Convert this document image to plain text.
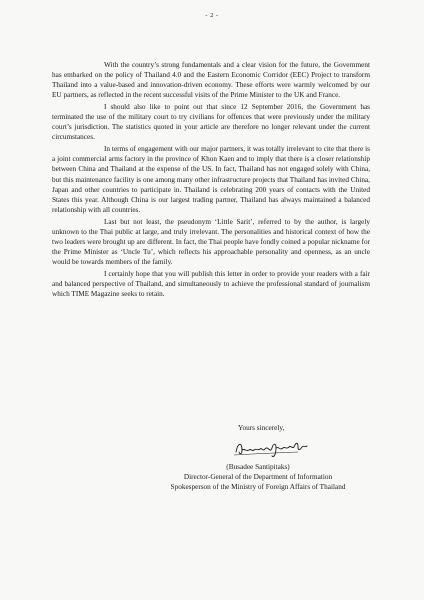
- 2 -

With the country’s strong fundamentals and a clear vision for the future, the Government has embarked on the policy of Thailand 4.0 and the Eastern Economic Corridor (EEC) Project to transform Thailand into a value-based and innovation-driven economy. These efforts were warmly welcomed by our EU partners, as reflected in the recent successful visits of the Prime Minister to the UK and France.

I should also like to point out that since 12 September 2016, the Government has terminated the use of the military court to try civilians for offences that were previously under the military court’s jurisdiction. The statistics quoted in your article are therefore no longer relevant under the current circumstances.

In terms of engagement with our major partners, it was totally irrelevant to cite that there is a joint commercial arms factory in the province of Khon Kaen and to imply that there is a closer relationship between China and Thailand at the expense of the US. In fact, Thailand has not engaged solely with China, but this maintenance facility is one among many other infrastructure projects that Thailand has invited China, Japan and other countries to participate in. Thailand is celebrating 200 years of contacts with the United States this year. Although China is our largest trading partner, Thailand has always maintained a balanced relationship with all countries.

Last but not least, the pseudonym ‘Little Sarit’, referred to by the author, is largely unknown to the Thai public at large, and truly irrelevant. The personalities and historical context of how the two leaders were brought up are different. In fact, the Thai people have fondly coined a popular nickname for the Prime Minister as ‘Uncle Tu’, which reflects his approachable personality and openness, as an uncle would be towards members of the family.

I certainly hope that you will publish this letter in order to provide your readers with a fair and balanced perspective of Thailand, and simultaneously to achieve the professional standard of journalism which TIME Magazine seeks to retain.

Yours sincerely,
(Busadee Santipitaks)
Director-General of the Department of Information
Spokesperson of the Ministry of Foreign Affairs of Thailand
